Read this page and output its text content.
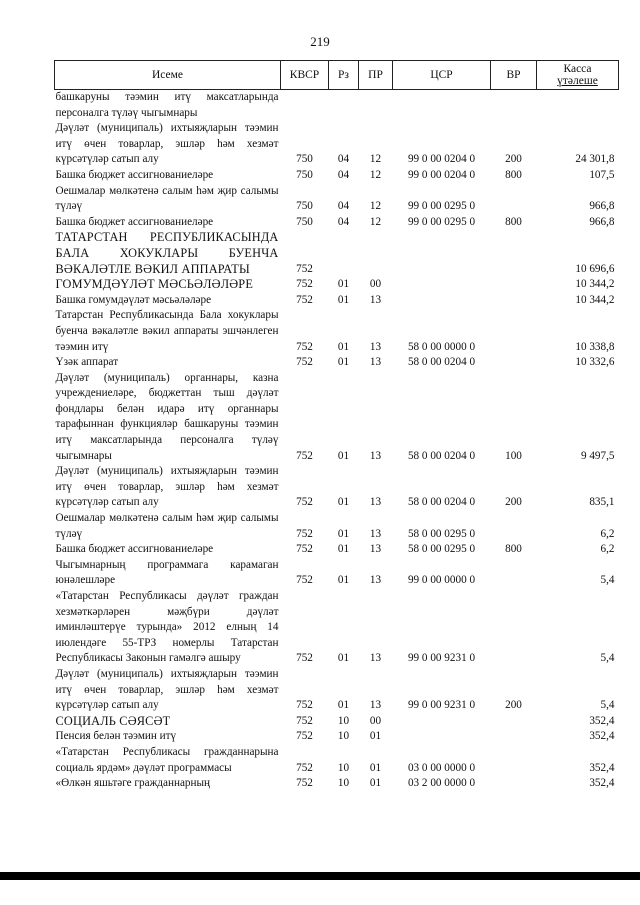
219
Исеме	КВСР	Рз	ПР	ЦСР	ВР	Касса
үтәлеше
башкаруны тәэмин итү максатларында персоналга түләү чыгымнары						
Дәүләт (муниципаль) ихтыяҗларын тәэмин итү өчен товарлар, эшләр һәм хезмәт күрсәтүләр сатып алу	750	04	12	99 0 00 0204 0	200	24 301,8
Башка бюджет ассигнованиеләре	750	04	12	99 0 00 0204 0	800	107,5
Оешмалар мөлкәтенә салым һәм җир салымы түләү	750	04	12	99 0 00 0295 0		966,8
Башка бюджет ассигнованиеләре	750	04	12	99 0 00 0295 0	800	966,8
ТАТАРСТАН РЕСПУБЛИКАСЫНДА БАЛА ХОКУКЛАРЫ БУЕНЧА ВӘКАЛӘТЛЕ ВӘКИЛ АППАРАТЫ	752					10 696,6
ГОМУМДӘҮЛӘТ МӘСЬӘЛӘЛӘРЕ	752	01	00			10 344,2
Башка гомумдәүләт мәсьәләләре	752	01	13			10 344,2
Татарстан Республикасында Бала хокуклары буенча вәкаләтле вәкил аппараты эшчәнлеген тәэмин итү	752	01	13	58 0 00 0000 0		10 338,8
Үзәк аппарат	752	01	13	58 0 00 0204 0		10 332,6
Дәүләт (муниципаль) органнары, казна учреждениеләре, бюджеттан тыш дәүләт фондлары белән идарә итү органнары тарафыннан функцияләр башкаруны тәэмин итү максатларында персоналга түләү чыгымнары	752	01	13	58 0 00 0204 0	100	9 497,5
Дәүләт (муниципаль) ихтыяҗларын тәэмин итү өчен товарлар, эшләр һәм хезмәт күрсәтүләр сатып алу	752	01	13	58 0 00 0204 0	200	835,1
Оешмалар мөлкәтенә салым һәм җир салымы түләү	752	01	13	58 0 00 0295 0		6,2
Башка бюджет ассигнованиеләре	752	01	13	58 0 00 0295 0	800	6,2
Чыгымнарның программага карамаган юнәлешләре	752	01	13	99 0 00 0000 0		5,4
«Татарстан Республикасы дәүләт граждан хезмәткәрләрен мәҗбүри дәүләт иминләштерүе турында» 2012 елның 14 июлендәге 55-ТРЗ номерлы Татарстан Республикасы Законын гамәлгә ашыру	752	01	13	99 0 00 9231 0		5,4
Дәүләт (муниципаль) ихтыяҗларын тәэмин итү өчен товарлар, эшләр һәм хезмәт күрсәтүләр сатып алу	752	01	13	99 0 00 9231 0	200	5,4
СОЦИАЛЬ СӘЯСӘТ	752	10	00			352,4
Пенсия белән тәэмин итү	752	10	01			352,4
«Татарстан Республикасы гражданнарына социаль ярдәм» дәүләт программасы	752	10	01	03 0 00 0000 0		352,4
«Өлкән яшьтәге гражданнарның	752	10	01	03 2 00 0000 0		352,4
